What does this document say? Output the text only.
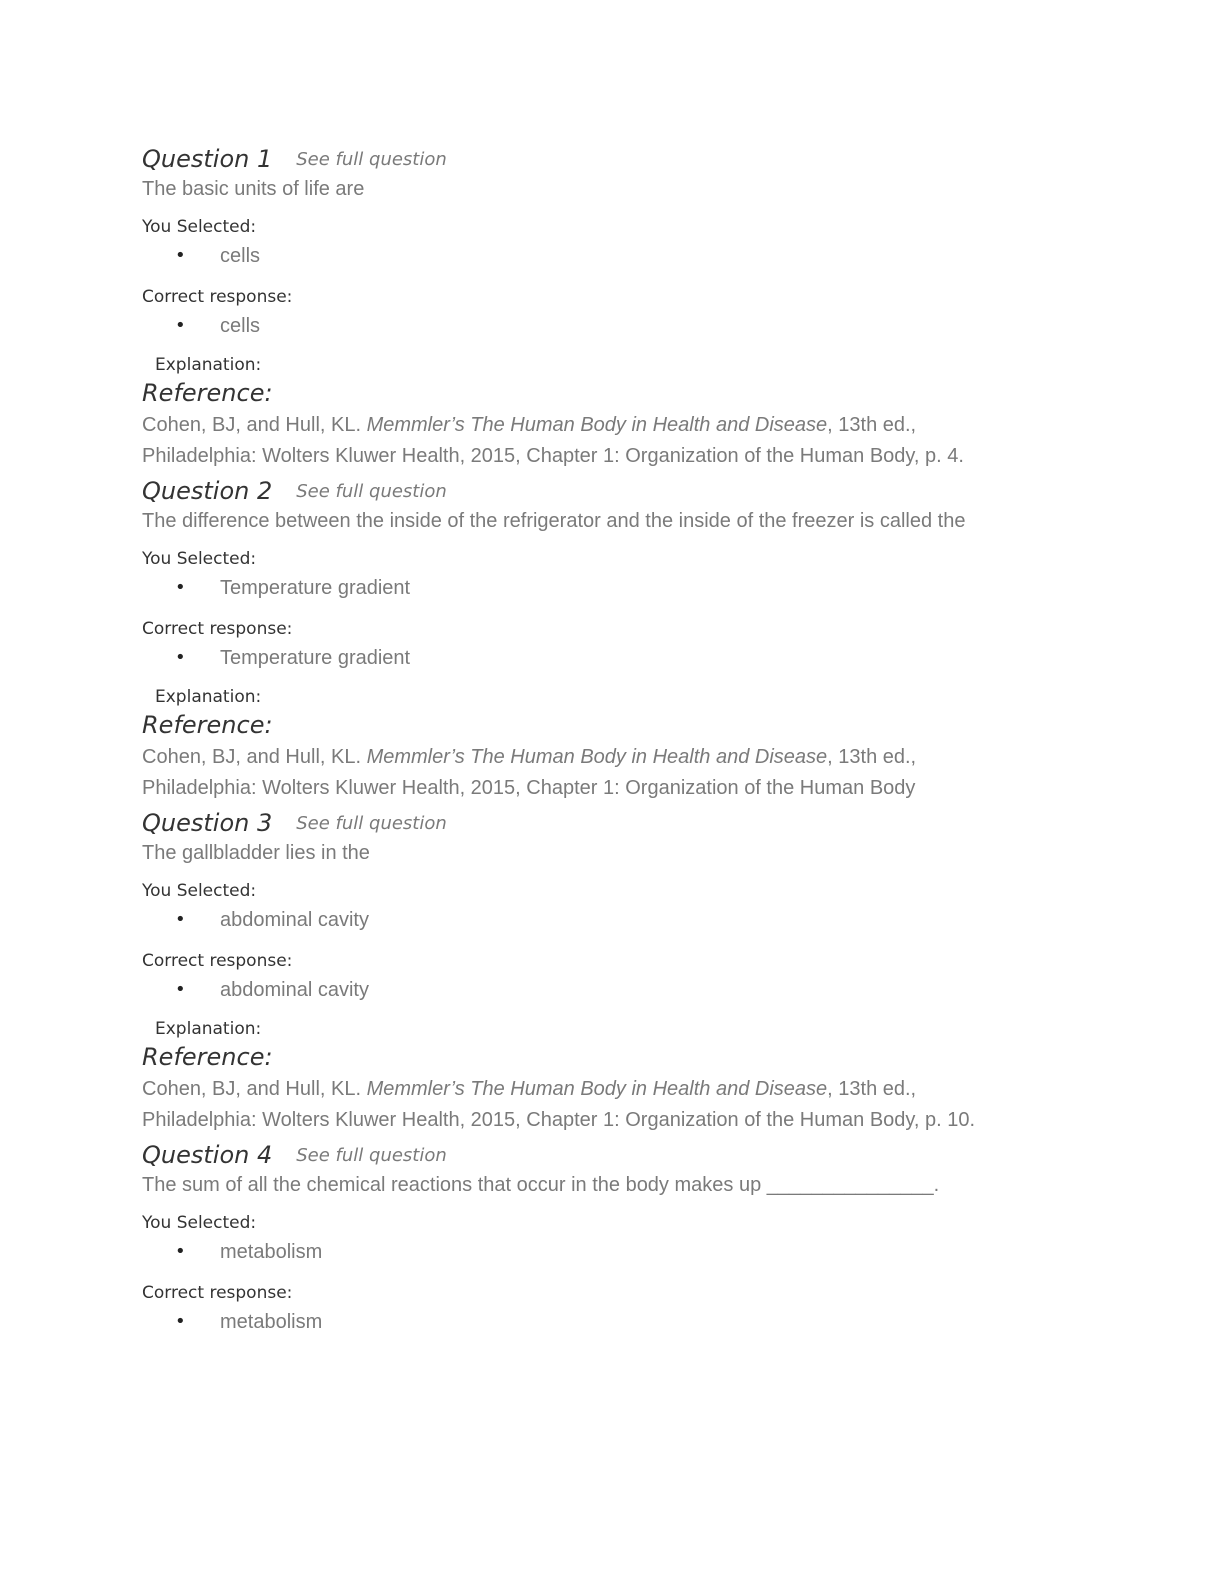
Question 1 See full question
The basic units of life are
You Selected:
• cells
Correct response:
• cells
Explanation:
Reference:
Cohen, BJ, and Hull, KL. Memmler’s The Human Body in Health and Disease, 13th ed.,
Philadelphia: Wolters Kluwer Health, 2015, Chapter 1: Organization of the Human Body, p. 4.
Question 2 See full question
The difference between the inside of the refrigerator and the inside of the freezer is called the
You Selected:
• Temperature gradient
Correct response:
• Temperature gradient
Explanation:
Reference:
Cohen, BJ, and Hull, KL. Memmler’s The Human Body in Health and Disease, 13th ed.,
Philadelphia: Wolters Kluwer Health, 2015, Chapter 1: Organization of the Human Body
Question 3 See full question
The gallbladder lies in the
You Selected:
• abdominal cavity
Correct response:
• abdominal cavity
Explanation:
Reference:
Cohen, BJ, and Hull, KL. Memmler’s The Human Body in Health and Disease, 13th ed.,
Philadelphia: Wolters Kluwer Health, 2015, Chapter 1: Organization of the Human Body, p. 10.
Question 4 See full question
The sum of all the chemical reactions that occur in the body makes up _______________.
You Selected:
• metabolism
Correct response:
• metabolism
